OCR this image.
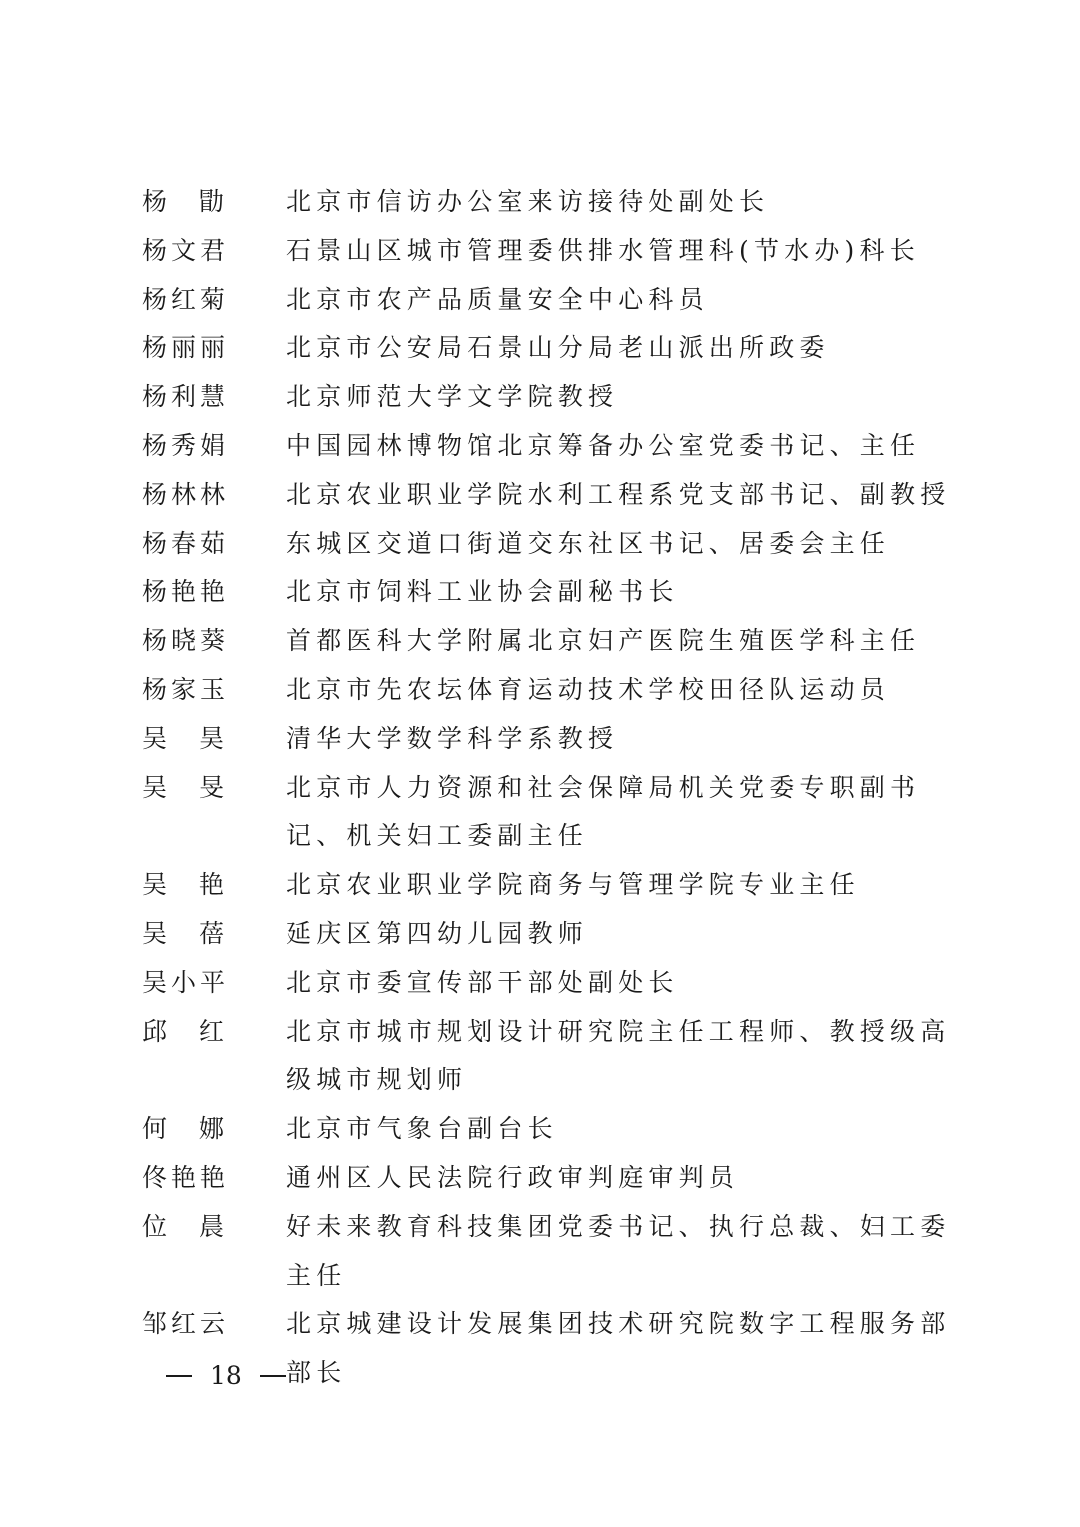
杨 勖 北京市信访办公室来访接待处副处长
杨文君	石景山区城市管理委供排水管理科(节水办)科长
杨红菊	北京市农产品质量安全中心科员
杨丽丽	北京市公安局石景山分局老山派出所政委
杨利慧	北京师范大学文学院教授
杨秀娟	中国园林博物馆北京筹备办公室党委书记、主任
杨林林	北京农业职业学院水利工程系党支部书记、副教授
杨春茹	东城区交道口街道交东社区书记、居委会主任
杨艳艳	北京市饲料工业协会副秘书长
杨晓葵	首都医科大学附属北京妇产医院生殖医学科主任
杨家玉	北京市先农坛体育运动技术学校田径队运动员
吴 昊 清华大学数学科学系教授
吴 旻 北京市人力资源和社会保障局机关党委专职副书记、机关妇工委副主任
吴 艳 北京农业职业学院商务与管理学院专业主任
吴 蓓 延庆区第四幼儿园教师
吴小平	北京市委宣传部干部处副处长
邱 红 北京市城市规划设计研究院主任工程师、教授级高级城市规划师
何 娜 北京市气象台副台长
佟艳艳	通州区人民法院行政审判庭审判员
位 晨 好未来教育科技集团党委书记、执行总裁、妇工委主任
邹红云	北京城建设计发展集团技术研究院数字工程服务部部长
18
